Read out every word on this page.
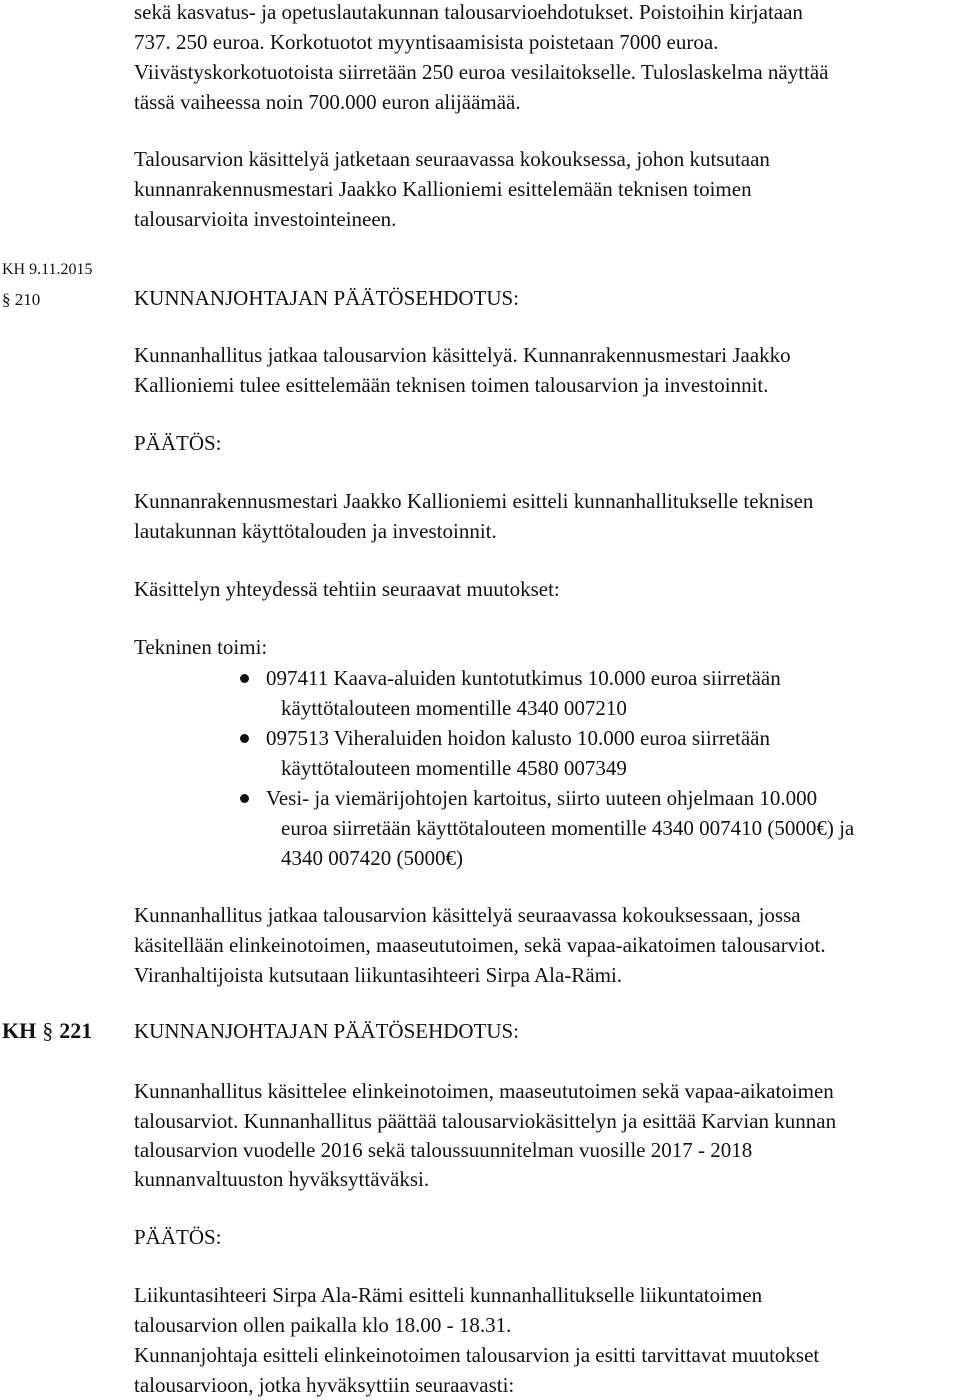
sekä kasvatus- ja opetuslautakunnan talousarvioehdotukset. Poistoihin kirjataan

737. 250 euroa. Korkotuotot myyntisaamisista poistetaan 7000 euroa.

Viivästyskorkotuotoista siirretään 250 euroa vesilaitokselle. Tuloslaskelma näyttää

tässä vaiheessa noin 700.000 euron alijäämää.

Talousarvion käsittelyä jatketaan seuraavassa kokouksessa, johon kutsutaan

kunnanrakennusmestari Jaakko Kallioniemi esittelemään teknisen toimen

talousarvioita investointeineen.

KH 9.11.2015
§ 210	KUNNANJOHTAJAN PÄÄTÖSEHDOTUS:

Kunnanhallitus jatkaa talousarvion käsittelyä. Kunnanrakennusmestari Jaakko

Kallioniemi tulee esittelemään teknisen toimen talousarvion ja investoinnit.

PÄÄTÖS:

Kunnanrakennusmestari Jaakko Kallioniemi esitteli kunnanhallitukselle teknisen

lautakunnan käyttötalouden ja investoinnit.

Käsittelyn yhteydessä tehtiin seuraavat muutokset:

Tekninen toimi:

097411 Kaava-aluiden kuntotutkimus 10.000 euroa siirretään

käyttötalouteen momentille 4340 007210

097513 Viheraluiden hoidon kalusto 10.000 euroa siirretään

käyttötalouteen momentille 4580 007349

Vesi- ja viemärijohtojen kartoitus, siirto uuteen ohjelmaan 10.000

euroa siirretään käyttötalouteen momentille 4340 007410 (5000€) ja

4340 007420 (5000€)

Kunnanhallitus jatkaa talousarvion käsittelyä seuraavassa kokouksessaan, jossa

käsitellään elinkeinotoimen, maaseututoimen, sekä vapaa-aikatoimen talousarviot.

Viranhaltijoista kutsutaan liikuntasihteeri Sirpa Ala-Rämi.

KH § 221 KUNNANJOHTAJAN PÄÄTÖSEHDOTUS:

Kunnanhallitus käsittelee elinkeinotoimen, maaseututoimen sekä vapaa-aikatoimen

talousarviot. Kunnanhallitus päättää talousarviokäsittelyn ja esittää Karvian kunnan

talousarvion vuodelle 2016 sekä taloussuunnitelman vuosille 2017 - 2018

kunnanvaltuuston hyväksyttäväksi.

PÄÄTÖS:

Liikuntasihteeri Sirpa Ala-Rämi esitteli kunnanhallitukselle liikuntatoimen

talousarvion ollen paikalla klo 18.00 - 18.31.

Kunnanjohtaja esitteli elinkeinotoimen talousarvion ja esitti tarvittavat muutokset

talousarvioon, jotka hyväksyttiin seuraavasti:
